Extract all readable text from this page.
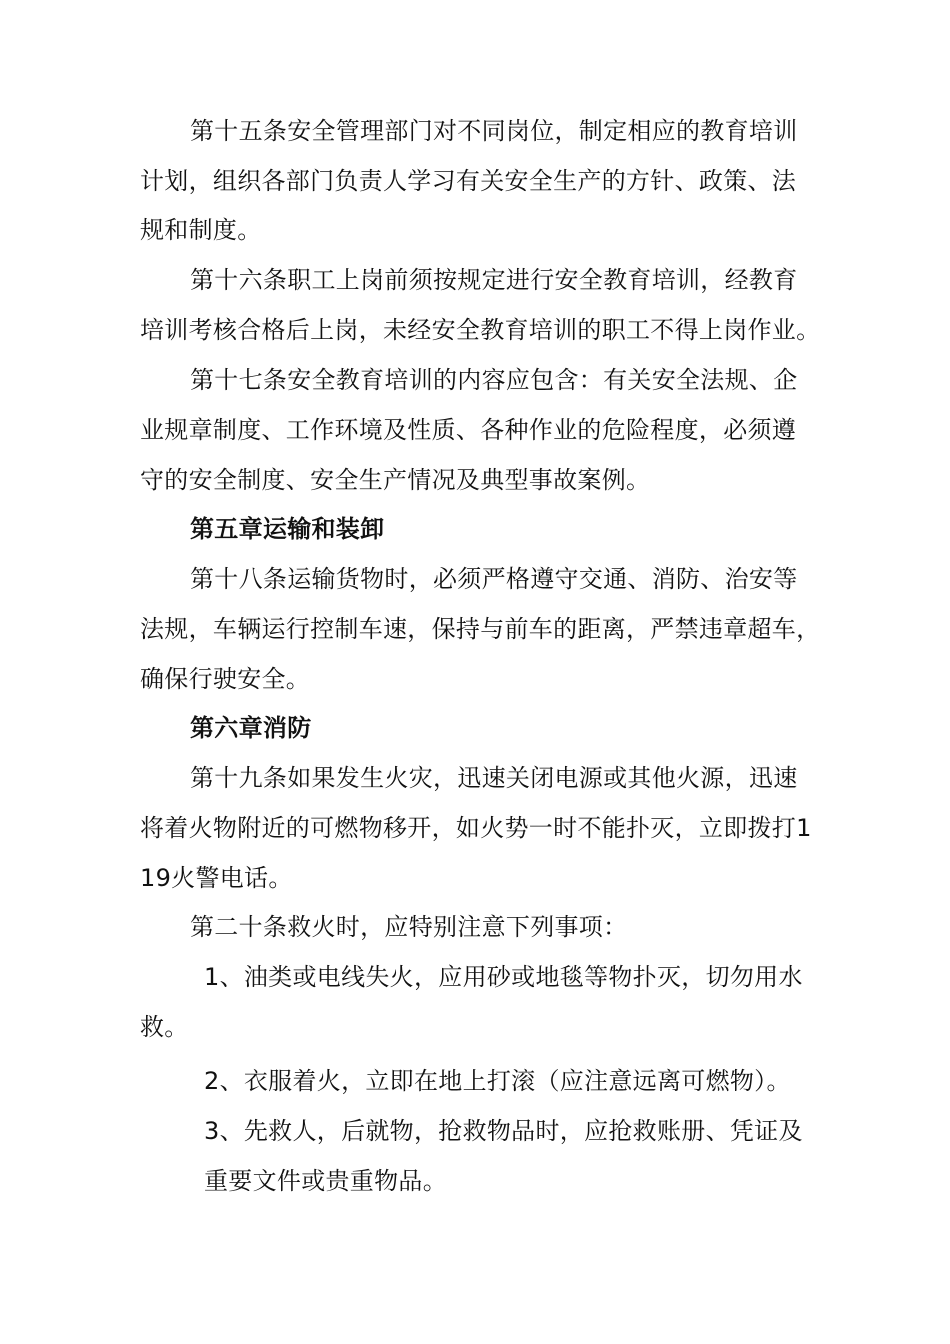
第十五条安全管理部门对不同岗位，制定相应的教育培训
计划，组织各部门负责人学习有关安全生产的方针、政策、法
规和制度。
第十六条职工上岗前须按规定进行安全教育培训，经教育
培训考核合格后上岗，未经安全教育培训的职工不得上岗作业。
第十七条安全教育培训的内容应包含：有关安全法规、企
业规章制度、工作环境及性质、各种作业的危险程度，必须遵
守的安全制度、安全生产情况及典型事故案例。
第五章运输和装卸
第十八条运输货物时，必须严格遵守交通、消防、治安等
法规，车辆运行控制车速，保持与前车的距离，严禁违章超车，
确保行驶安全。
第六章消防
第十九条如果发生火灾，迅速关闭电源或其他火源，迅速
将着火物附近的可燃物移开，如火势一时不能扑灭，立即拨打1
19火警电话。
第二十条救火时，应特别注意下列事项：
1、油类或电线失火，应用砂或地毯等物扑灭，切勿用水
救。
2、衣服着火，立即在地上打滚（应注意远离可燃物）。
3、先救人，后就物，抢救物品时，应抢救账册、凭证及
重要文件或贵重物品。
